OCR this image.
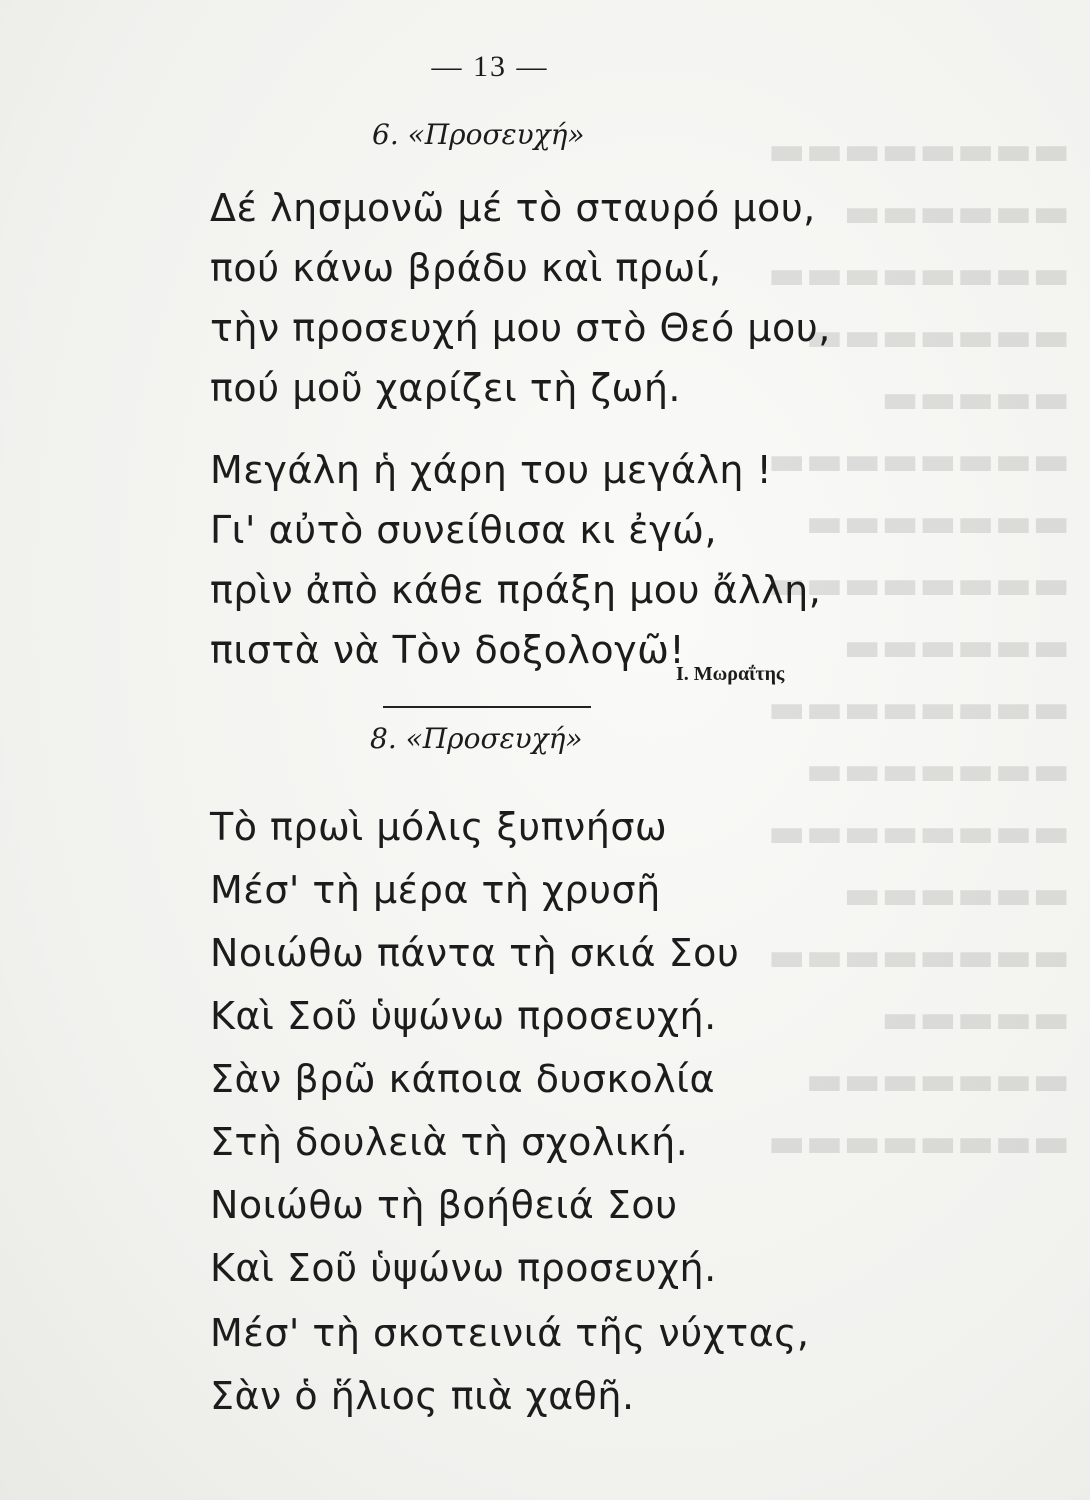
▬▬▬▬▬▬▬▬
▬▬▬▬▬▬
▬▬▬▬▬▬▬▬
▬▬▬▬▬▬▬
▬▬▬▬▬
▬▬▬▬▬▬▬▬
▬▬▬▬▬▬▬
▬▬▬▬▬▬▬▬
▬▬▬▬▬▬
▬▬▬▬▬▬▬▬
▬▬▬▬▬▬▬
▬▬▬▬▬▬▬▬
▬▬▬▬▬▬
▬▬▬▬▬▬▬▬
▬▬▬▬▬
▬▬▬▬▬▬▬
▬▬▬▬▬▬▬▬
— 13 —
6. «Προσευχή»
Δέ λησμονῶ μέ τὸ σταυρό μου,
πού κάνω βράδυ καὶ πρωί,
τὴν προσευχή μου στὸ Θεό μου,
πού μοῦ χαρίζει τὴ ζωή.
Μεγάλη ἡ χάρη του μεγάλη !
Γι' αὐτὸ συνείθισα κι ἐγώ,
πρὶν ἀπὸ κάθε πράξη μου ἄλλη,
πιστὰ νὰ Τὸν δοξολογῶ!
Ι. Μωραΐτης
8. «Προσευχή»
Τὸ πρωὶ μόλις ξυπνήσω
Μέσ' τὴ μέρα τὴ χρυσῆ
Νοιώθω πάντα τὴ σκιά Σου
Καὶ Σοῦ ὑψώνω προσευχή.
Σὰν βρῶ κάποια δυσκολία
Στὴ δουλειὰ τὴ σχολική.
Νοιώθω τὴ βοήθειά Σου
Καὶ Σοῦ ὑψώνω προσευχή.
Μέσ' τὴ σκοτεινιά τῆς νύχτας,
Σὰν ὁ ἥλιος πιὰ χαθῆ.
